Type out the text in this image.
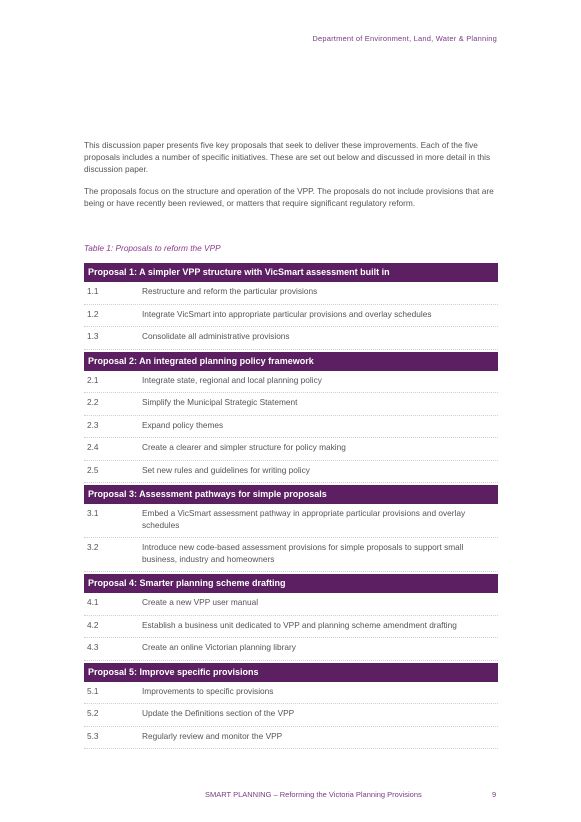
Department of Environment, Land, Water & Planning

This discussion paper presents five key proposals that seek to deliver these improvements. Each of the five proposals includes a number of specific initiatives. These are set out below and discussed in more detail in this discussion paper.

The proposals focus on the structure and operation of the VPP. The proposals do not include provisions that are being or have recently been reviewed, or matters that require significant regulatory reform.

Table 1: Proposals to reform the VPP
Proposal 1: A simpler VPP structure with VicSmart assessment built in
1.1	Restructure and reform the particular provisions
1.2	Integrate VicSmart into appropriate particular provisions and overlay schedules
1.3	Consolidate all administrative provisions
Proposal 2: An integrated planning policy framework
2.1	Integrate state, regional and local planning policy
2.2	Simplify the Municipal Strategic Statement
2.3	Expand policy themes
2.4	Create a clearer and simpler structure for policy making
2.5	Set new rules and guidelines for writing policy
Proposal 3: Assessment pathways for simple proposals
3.1	Embed a VicSmart assessment pathway in appropriate particular provisions and overlay schedules
3.2	Introduce new code-based assessment provisions for simple proposals to support small business, industry and homeowners
Proposal 4: Smarter planning scheme drafting
4.1	Create a new VPP user manual
4.2	Establish a business unit dedicated to VPP and planning scheme amendment drafting
4.3	Create an online Victorian planning library
Proposal 5: Improve specific provisions
5.1	Improvements to specific provisions
5.2	Update the Definitions section of the VPP
5.3	Regularly review and monitor the VPP
SMART PLANNING – Reforming the Victoria Planning Provisions	9
